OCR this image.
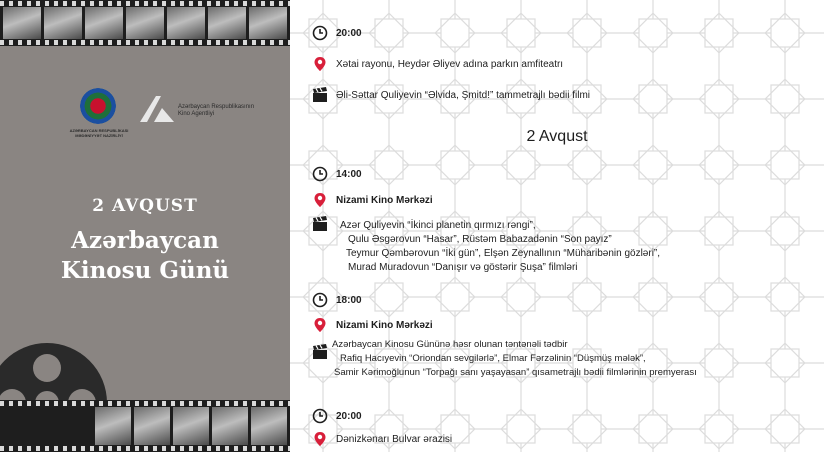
AZƏRBAYCAN RESPUBLİKASI MƏDƏNİYYƏT NAZİRLİYİ
Azərbaycan Respublikasının Kino Agentliyi
2 AVQUST
Azərbaycan
Kinosu Günü
20:00
Xətai rayonu, Heydər Əliyev adına parkın amfiteatrı
Əli-Səttar Quliyevin “Əlvida, Şmitd!” tammetrajlı bədii filmi
2 Avqust
14:00
Nizami Kino Mərkəzi
Azər Quliyevin “İkinci planetin qırmızı rəngi”,
Qulu Əsgərovun “Hasar”, Rüstəm Babazadənin “Son payız”
Teymur Qəmbərovun “İki gün”, Elşən Zeynallının “Müharibənin gözləri”,
Murad Muradovun “Danışır və göstərir Şuşa” filmləri
18:00
Nizami Kino Mərkəzi
Azərbaycan Kinosu Gününə həsr olunan təntənəli tədbir
Rafiq Hacıyevin “Oriondan sevgilərlə”, Elmar Fərzəlinin “Düşmüş mələk”,
Samir Kərimoğlunun “Torpağı sanı yaşayasan” qısametrajlı bədii filmlərinin premyerası
20:00
Dənizkənarı Bulvar ərazisi
